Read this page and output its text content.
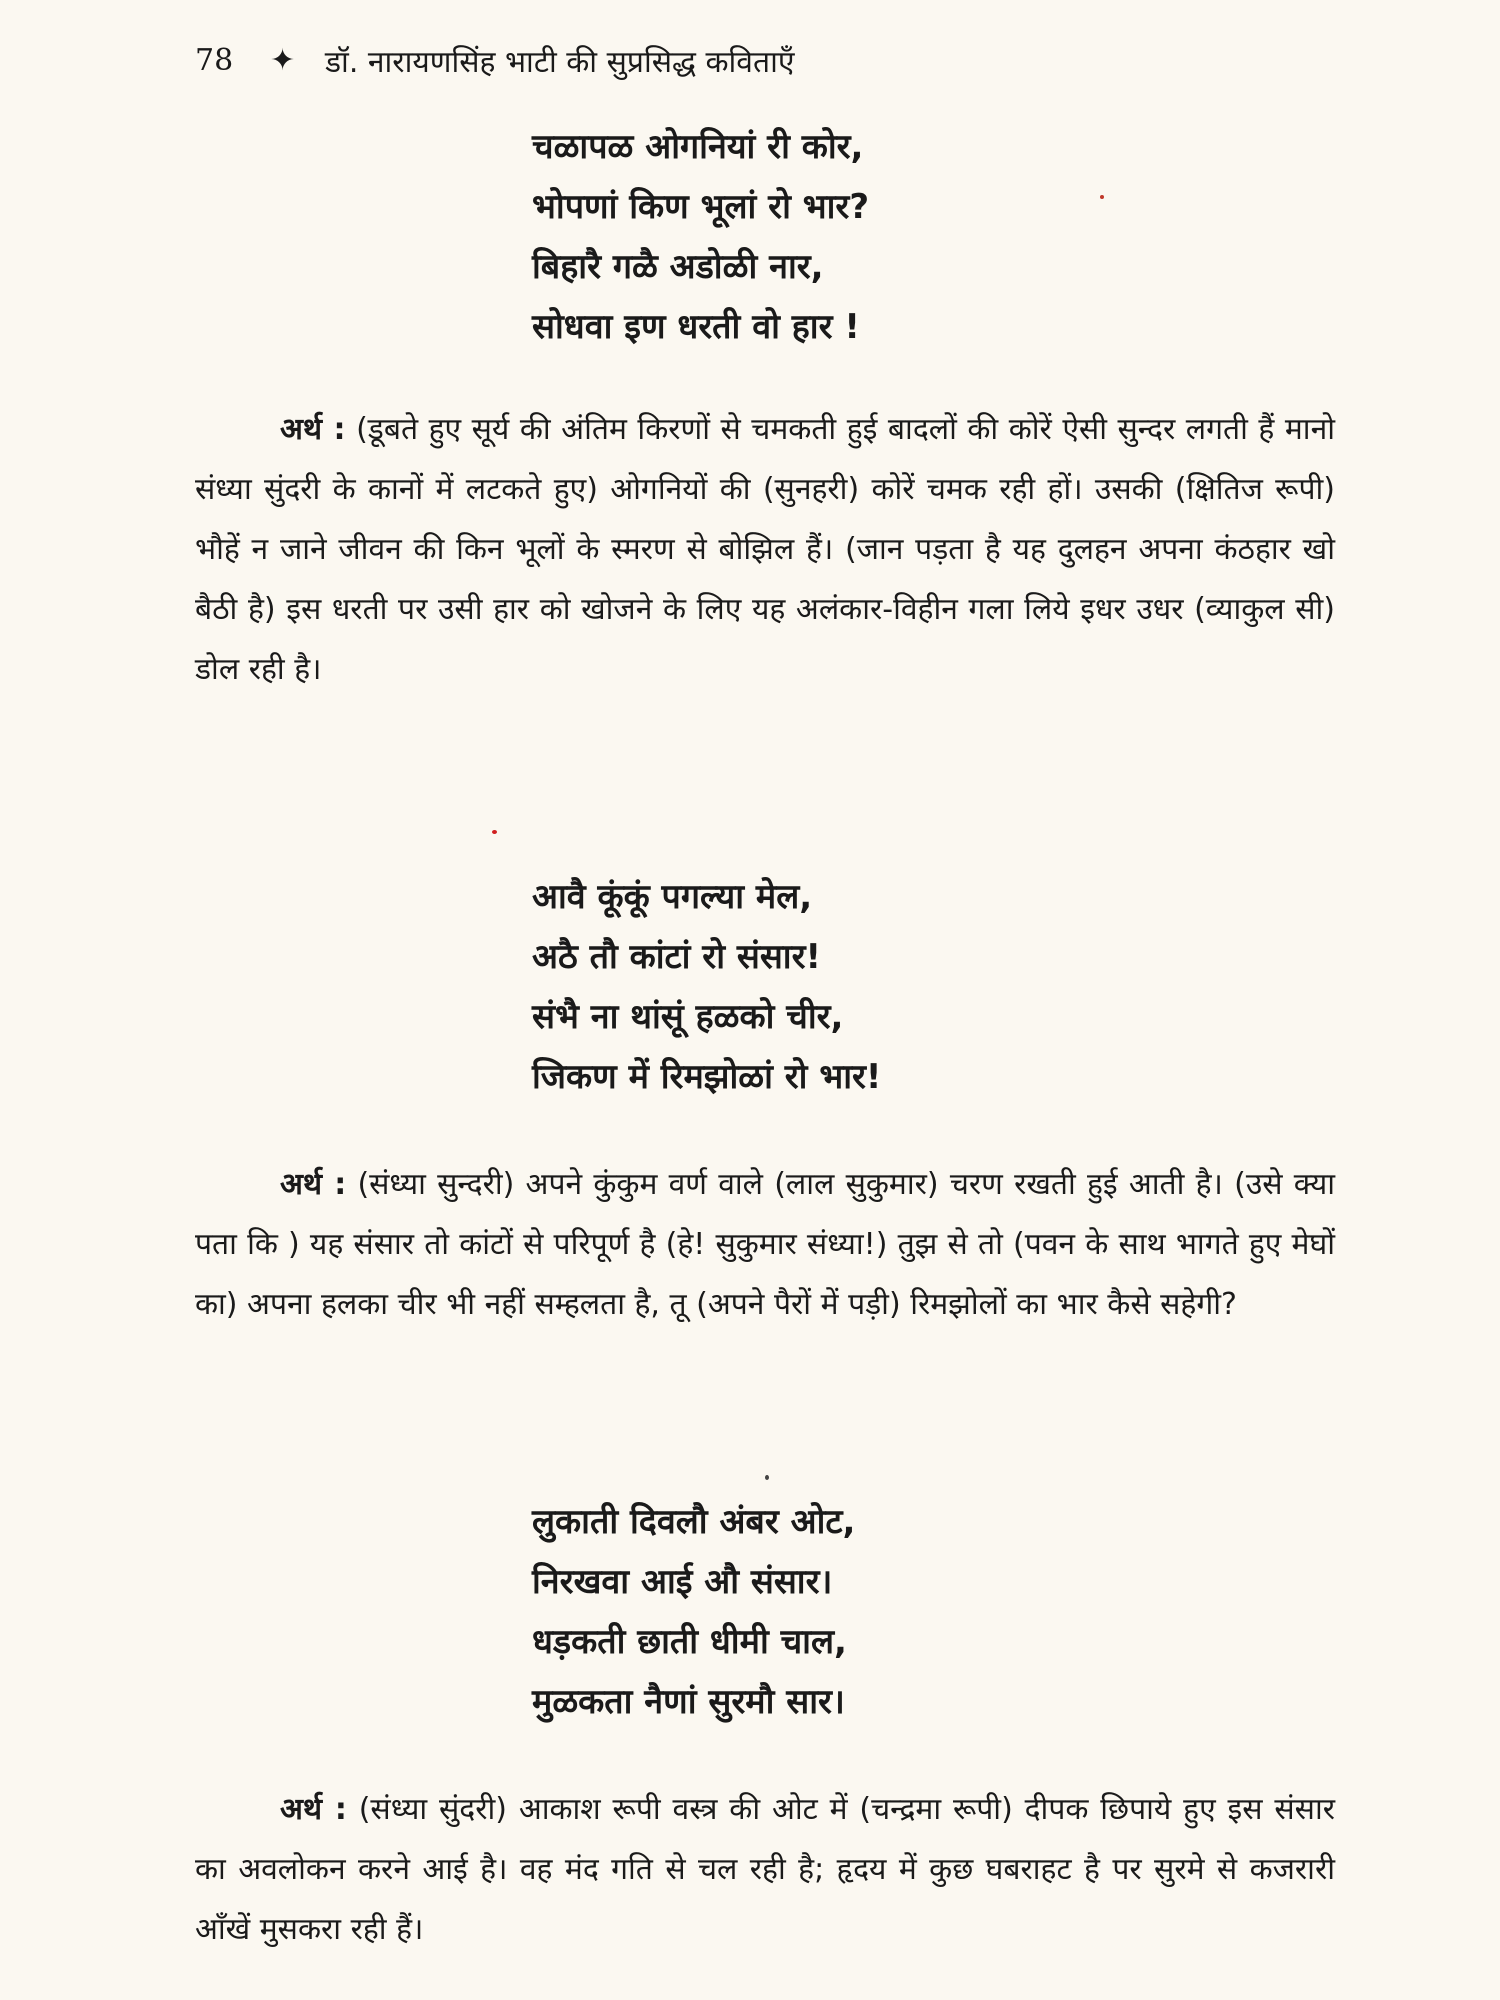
78	✦ डॉ. नारायणसिंह भाटी की सुप्रसिद्ध कविताएँ
चळापळ ओगनियां री कोर,
भोपणां किण भूलां रो भार?
बिहारै गळै अडोळी नार,
सोधवा इण धरती वो हार !

अर्थ : (डूबते हुए सूर्य की अंतिम किरणों से चमकती हुई बादलों की कोरें ऐसी सुन्दर लगती हैं मानो संध्या सुंदरी के कानों में लटकते हुए) ओगनियों की (सुनहरी) कोरें चमक रही हों। उसकी (क्षितिज रूपी) भौहें न जाने जीवन की किन भूलों के स्मरण से बोझिल हैं। (जान पड़ता है यह दुलहन अपना कंठहार खो बैठी है) इस धरती पर उसी हार को खोजने के लिए यह अलंकार-विहीन गला लिये इधर उधर (व्याकुल सी) डोल रही है।

आवै कूंकूं पगल्या मेल,
अठै तौ कांटां रो संसार!
संभै ना थांसूं हळको चीर,
जिकण में रिमझोळां रो भार!

अर्थ : (संध्या सुन्दरी) अपने कुंकुम वर्ण वाले (लाल सुकुमार) चरण रखती हुई आती है। (उसे क्या पता कि ) यह संसार तो कांटों से परिपूर्ण है (हे! सुकुमार संध्या!) तुझ से तो (पवन के साथ भागते हुए मेघों का) अपना हलका चीर भी नहीं सम्हलता है, तू (अपने पैरों में पड़ी) रिमझोलों का भार कैसे सहेगी?

लुकाती दिवलौ अंबर ओट,
निरखवा आई औ संसार।
धड़कती छाती धीमी चाल,
मुळकता नैणां सुरमौ सार।

अर्थ : (संध्या सुंदरी) आकाश रूपी वस्त्र की ओट में (चन्द्रमा रूपी) दीपक छिपाये हुए इस संसार का अवलोकन करने आई है। वह मंद गति से चल रही है; हृदय में कुछ घबराहट है पर सुरमे से कजरारी आँखें मुसकरा रही हैं।
